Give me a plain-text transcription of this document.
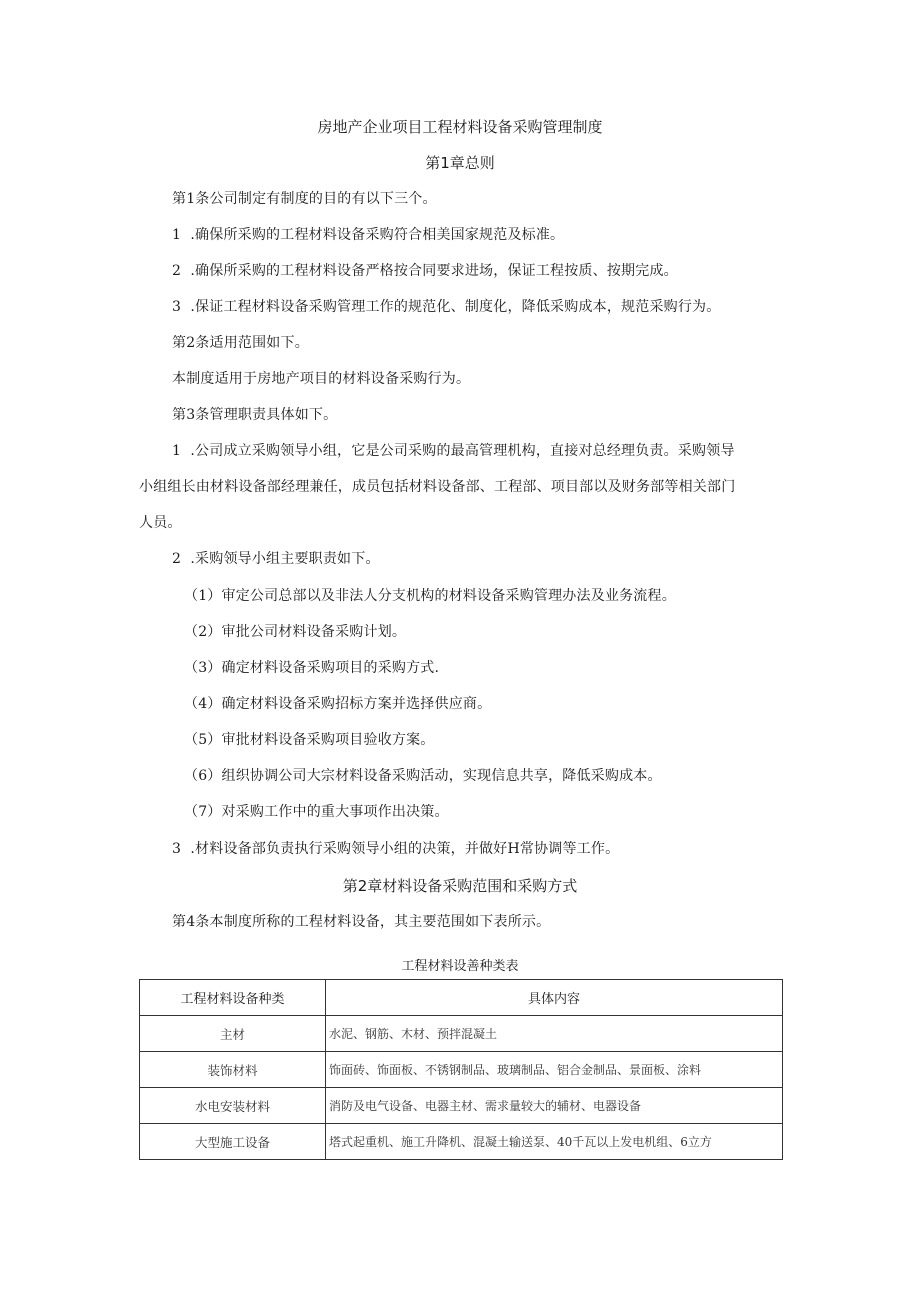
房地产企业项目工程材料设备采购管理制度
第1章总则
第1条公司制定有制度的目的有以下三个。
1  .确保所采购的工程材料设备采购符合相美国家规范及标准。
2  .确保所采购的工程材料设备严格按合同要求进场，保证工程按质、按期完成。
3  .保证工程材料设备采购管理工作的规范化、制度化，降低采购成本，规范采购行为。
第2条适用范围如下。
本制度适用于房地产项目的材料设备采购行为。
第3条管理职责具体如下。
1  .公司成立采购领导小组，它是公司采购的最高管理机构，直接对总经理负责。采购领导
小组组长由材料设备部经理兼任，成员包括材料设备部、工程部、项目部以及财务部等相关部门
人员。
2  .采购领导小组主要职责如下。
（1）审定公司总部以及非法人分支机构的材料设备采购管理办法及业务流程。
（2）审批公司材料设备采购计划。
（3）确定材料设备采购项目的采购方式.
（4）确定材料设备采购招标方案并选择供应商。
（5）审批材料设备采购项目验收方案。
（6）组织协调公司大宗材料设备采购活动，实现信息共享，降低采购成本。
（7）对采购工作中的重大事项作出决策。
3  .材料设备部负责执行采购领导小组的决策，并做好H常协调等工作。
第2章材料设备采购范围和采购方式
第4条本制度所称的工程材料设备，其主要范围如下表所示。
工程材料设善种类表
工程材料设备种类	具体内容
主材	水泥、钢筋、木材、预拌混凝土
装饰材料	饰面砖、饰面板、不锈钢制品、玻璃制品、铝合金制品、景面板、涂料
水电安装材料	消防及电气设备、电器主材、需求量较大的辅材、电器设备
大型施工设备	塔式起重机、施工升降机、混凝土输送泵、40千瓦以上发电机组、6立方
